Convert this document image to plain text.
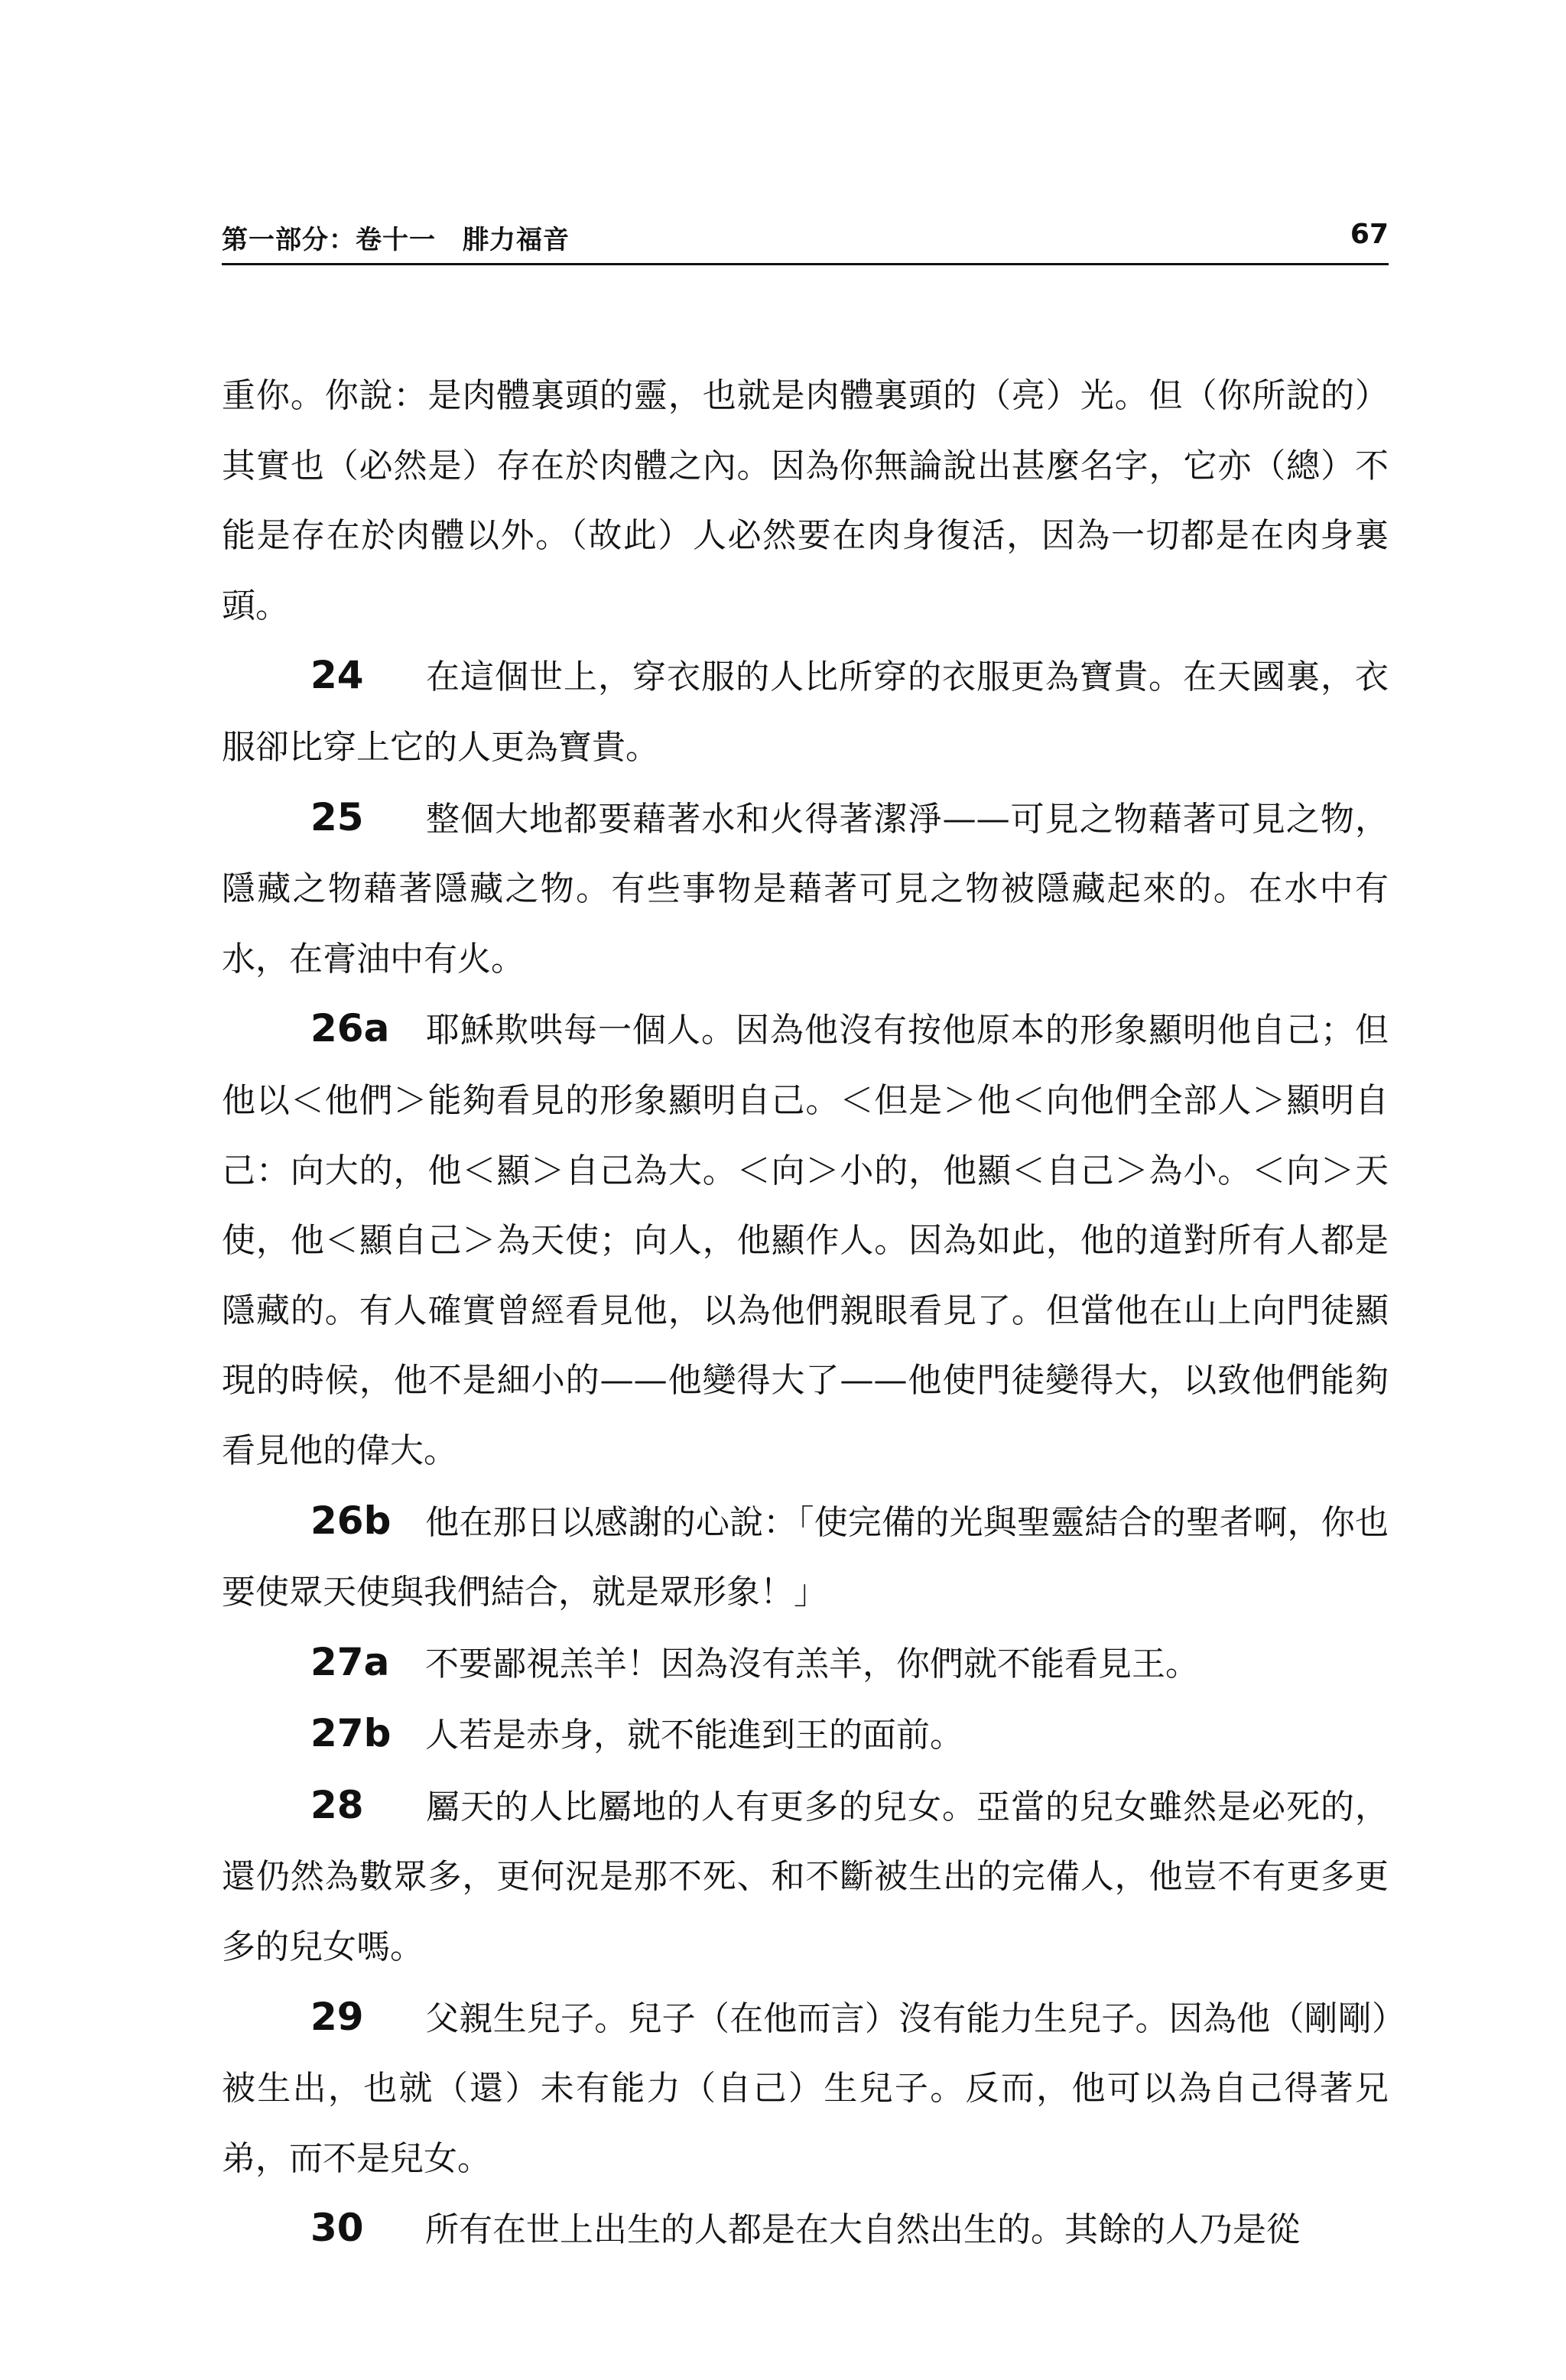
第一部分：卷十一　腓力福音	67

重你。你說：是肉體裏頭的靈，也就是肉體裏頭的（亮）光。但（你所說的）其實也（必然是）存在於肉體之內。因為你無論說出甚麼名字，它亦（總）不能是存在於肉體以外。（故此）人必然要在肉身復活，因為一切都是在肉身裏頭。

24 在這個世上，穿衣服的人比所穿的衣服更為寶貴。在天國裏，衣服卻比穿上它的人更為寶貴。

25 整個大地都要藉著水和火得著潔淨——可見之物藉著可見之物，隱藏之物藉著隱藏之物。有些事物是藉著可見之物被隱藏起來的。在水中有水，在膏油中有火。

26a 耶穌欺哄每一個人。因為他沒有按他原本的形象顯明他自己；但他以＜他們＞能夠看見的形象顯明自己。＜但是＞他＜向他們全部人＞顯明自己：向大的，他＜顯＞自己為大。＜向＞小的，他顯＜自己＞為小。＜向＞天使，他＜顯自己＞為天使；向人，他顯作人。因為如此，他的道對所有人都是隱藏的。有人確實曾經看見他，以為他們親眼看見了。但當他在山上向門徒顯現的時候，他不是細小的——他變得大了——他使門徒變得大，以致他們能夠看見他的偉大。

26b 他在那日以感謝的心說：「使完備的光與聖靈結合的聖者啊，你也要使眾天使與我們結合，就是眾形象！」

27a 不要鄙視羔羊！因為沒有羔羊，你們就不能看見王。

27b 人若是赤身，就不能進到王的面前。

28 屬天的人比屬地的人有更多的兒女。亞當的兒女雖然是必死的，還仍然為數眾多，更何況是那不死、和不斷被生出的完備人，他豈不有更多更多的兒女嗎。

29 父親生兒子。兒子（在他而言）沒有能力生兒子。因為他（剛剛）被生出，也就（還）未有能力（自己）生兒子。反而，他可以為自己得著兄弟，而不是兒女。

30 所有在世上出生的人都是在大自然出生的。其餘的人乃是從
